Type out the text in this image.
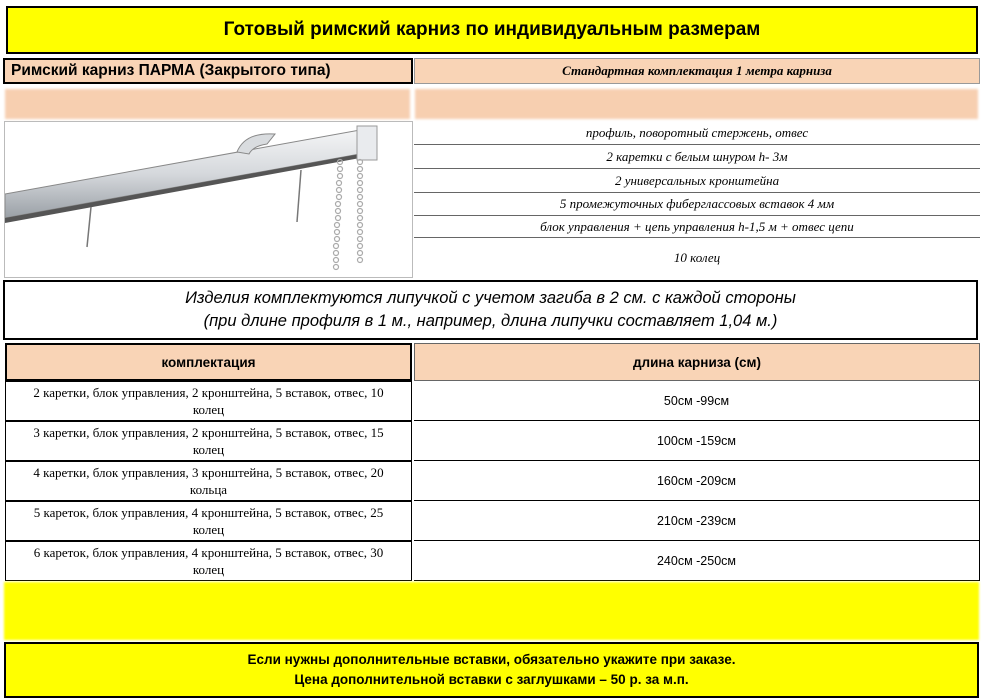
Готовый римский карниз по индивидуальным размерам
Римский карниз ПАРМА (Закрытого типа)	Стандартная комплектация 1 метра карниза
профиль, поворотный стержень, отвес
2 каретки с белым шнуром h- 3м
2 универсальных кронштейна
5 промежуточных фиберглассовых вставок 4 мм
блок управления + цепь управления h-1,5 м + отвес цепи
10 колец
Изделия комплектуются липучкой с учетом загиба в 2 см. с каждой стороны
(при длине профиля в 1 м., например, длина липучки составляет 1,04 м.)
комплектация	длина карниза (см)
2 каретки, блок управления, 2 кронштейна, 5 вставок, отвес, 10 колец
50см -99см
3 каретки, блок управления, 2 кронштейна, 5 вставок, отвес, 15 колец
100см -159см
4 каретки, блок управления, 3 кронштейна, 5 вставок, отвес, 20 кольца
160см -209см
5 кареток, блок управления, 4 кронштейна, 5 вставок, отвес, 25 колец
210см -239см
6 кареток, блок управления, 4 кронштейна, 5 вставок, отвес, 30 колец
240см -250см
Если нужны дополнительные вставки, обязательно укажите при заказе.
Цена дополнительной вставки с заглушками – 50 р. за м.п.
